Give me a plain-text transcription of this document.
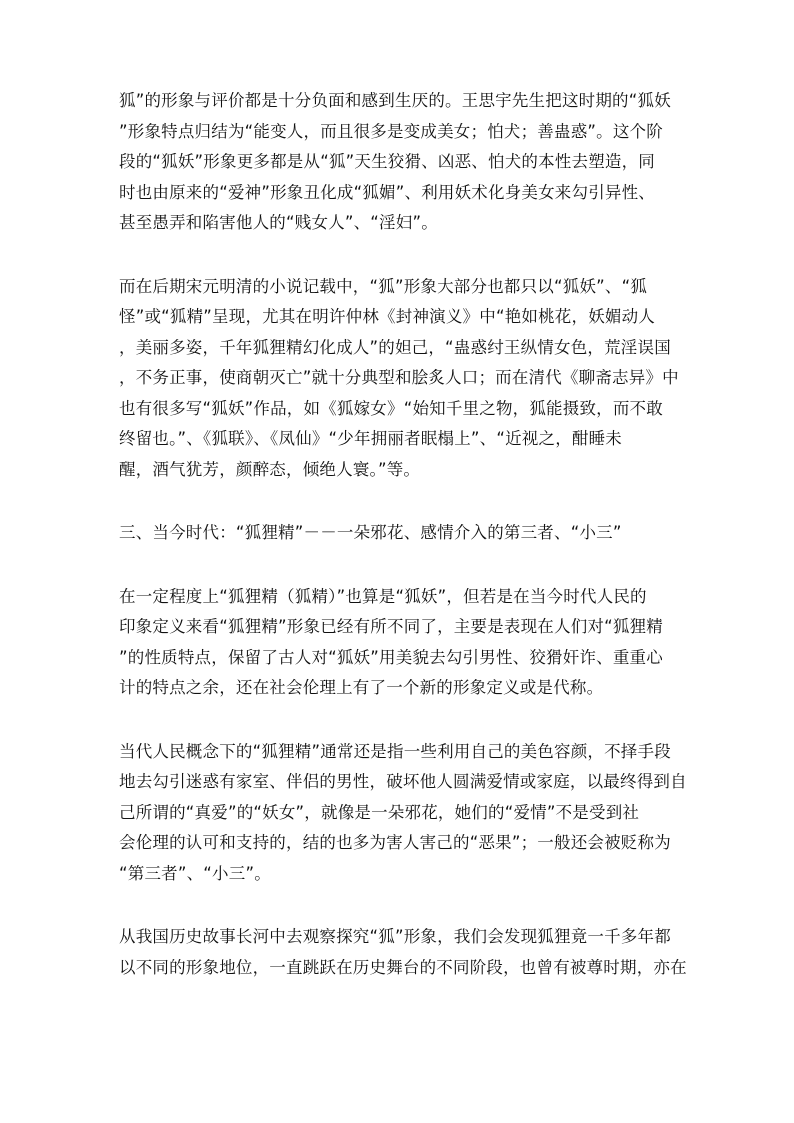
狐”的形象与评价都是十分负面和感到生厌的。王思宇先生把这时期的“狐妖
”形象特点归结为“能变人，而且很多是变成美女；怕犬；善蛊惑”。这个阶
段的“狐妖”形象更多都是从“狐”天生狡猾、凶恶、怕犬的本性去塑造，同
时也由原来的“爱神”形象丑化成“狐媚”、利用妖术化身美女来勾引异性、
甚至愚弄和陷害他人的“贱女人”、“淫妇”。
而在后期宋元明清的小说记载中，“狐”形象大部分也都只以“狐妖”、“狐
怪”或“狐精”呈现，尤其在明许仲林《封神演义》中“艳如桃花，妖媚动人
，美丽多姿，千年狐狸精幻化成人”的妲己，“蛊惑纣王纵情女色，荒淫误国
，不务正事，使商朝灭亡”就十分典型和脍炙人口；而在清代《聊斋志异》中
也有很多写“狐妖”作品，如《狐嫁女》“始知千里之物，狐能摄致，而不敢
终留也。”、《狐联》、《凤仙》“少年拥丽者眠榻上”、“近视之，酣睡未
醒，酒气犹芳，颜醉态，倾绝人寰。”等。
三、当今时代：“狐狸精”－－一朵邪花、感情介入的第三者、“小三”
在一定程度上“狐狸精（狐精）”也算是“狐妖”，但若是在当今时代人民的
印象定义来看“狐狸精”形象已经有所不同了，主要是表现在人们对“狐狸精
”的性质特点，保留了古人对“狐妖”用美貌去勾引男性、狡猾奸诈、重重心
计的特点之余，还在社会伦理上有了一个新的形象定义或是代称。
当代人民概念下的“狐狸精”通常还是指一些利用自己的美色容颜，不择手段
地去勾引迷惑有家室、伴侣的男性，破坏他人圆满爱情或家庭，以最终得到自
己所谓的“真爱”的“妖女”，就像是一朵邪花，她们的“爱情”不是受到社
会伦理的认可和支持的，结的也多为害人害己的“恶果”；一般还会被贬称为
“第三者”、“小三”。
从我国历史故事长河中去观察探究“狐”形象，我们会发现狐狸竟一千多年都
以不同的形象地位，一直跳跃在历史舞台的不同阶段，也曾有被尊时期，亦在
